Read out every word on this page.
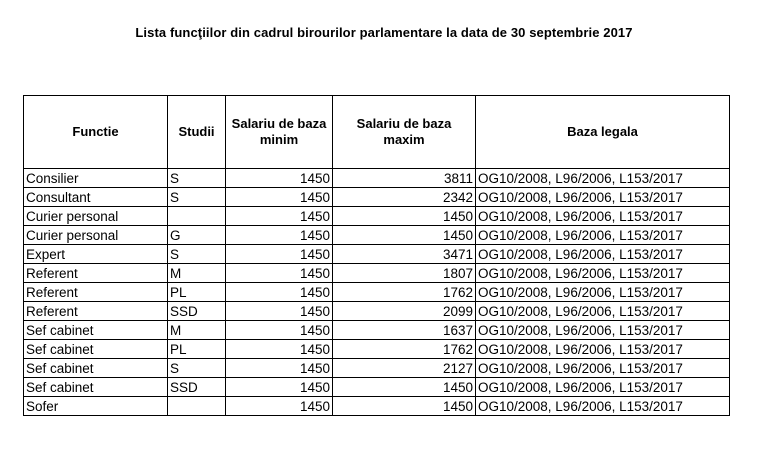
Lista funcţiilor din cadrul birourilor parlamentare la data de 30 septembrie 2017
Functie	Studii	Salariu de baza minim	Salariu de baza maxim	Baza legala
Consilier	S	1450	3811	OG10/2008, L96/2006, L153/2017
Consultant	S	1450	2342	OG10/2008, L96/2006, L153/2017
Curier personal		1450	1450	OG10/2008, L96/2006, L153/2017
Curier personal	G	1450	1450	OG10/2008, L96/2006, L153/2017
Expert	S	1450	3471	OG10/2008, L96/2006, L153/2017
Referent	M	1450	1807	OG10/2008, L96/2006, L153/2017
Referent	PL	1450	1762	OG10/2008, L96/2006, L153/2017
Referent	SSD	1450	2099	OG10/2008, L96/2006, L153/2017
Sef cabinet	M	1450	1637	OG10/2008, L96/2006, L153/2017
Sef cabinet	PL	1450	1762	OG10/2008, L96/2006, L153/2017
Sef cabinet	S	1450	2127	OG10/2008, L96/2006, L153/2017
Sef cabinet	SSD	1450	1450	OG10/2008, L96/2006, L153/2017
Sofer		1450	1450	OG10/2008, L96/2006, L153/2017
